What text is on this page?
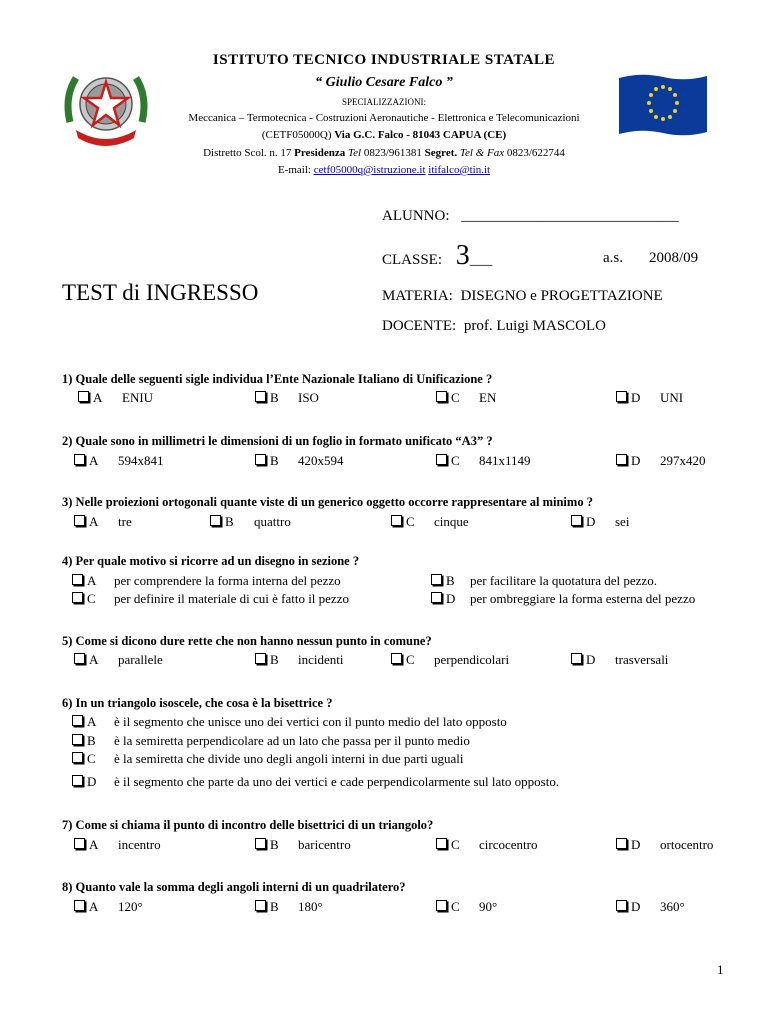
ISTITUTO TECNICO INDUSTRIALE STATALE
“ Giulio Cesare Falco ”
SPECIALIZZAZIONI:
Meccanica – Termotecnica - Costruzioni Aeronautiche - Elettronica e Telecomunicazioni
(CETF05000Q) Via G.C. Falco - 81043 CAPUA (CE)
Distretto Scol. n. 17 Presidenza Tel 0823/961381 Segret. Tel & Fax 0823/622744
E-mail: cetf05000q@istruzione.it itifalco@tin.it
ALUNNO: _____________________________
CLASSE: 3___	a.s. 2008/09
TEST di INGRESSO	MATERIA: DISEGNO e PROGETTAZIONE
DOCENTE: prof. Luigi MASCOLO
1) Quale delle seguenti sigle individua l’Ente Nazionale Italiano di Unificazione ?
A ENIU	B ISO	C EN	D UNI
2) Quale sono in millimetri le dimensioni di un foglio in formato unificato “A3” ?
A 594x841	B 420x594	C 841x1149	D 297x420
3) Nelle proiezioni ortogonali quante viste di un generico oggetto occorre rappresentare al minimo ?
A tre	B quattro	C cinque	D sei
4) Per quale motivo si ricorre ad un disegno in sezione ?
A per comprendere la forma interna del pezzo	B per facilitare la quotatura del pezzo.
C per definire il materiale di cui è fatto il pezzo	D per ombreggiare la forma esterna del pezzo
5) Come si dicono dure rette che non hanno nessun punto in comune?
A parallele	B incidenti	C perpendicolari	D trasversali
6) In un triangolo isoscele, che cosa è la bisettrice ?
A è il segmento che unisce uno dei vertici con il punto medio del lato opposto
B è la semiretta perpendicolare ad un lato che passa per il punto medio
C è la semiretta che divide uno degli angoli interni in due parti uguali
D è il segmento che parte da uno dei vertici e cade perpendicolarmente sul lato opposto.
7) Come si chiama il punto di incontro delle bisettrici di un triangolo?
A incentro	B baricentro	C circocentro	D ortocentro
8) Quanto vale la somma degli angoli interni di un quadrilatero?
A 120°	B 180°	C 90°	D 360°
1
